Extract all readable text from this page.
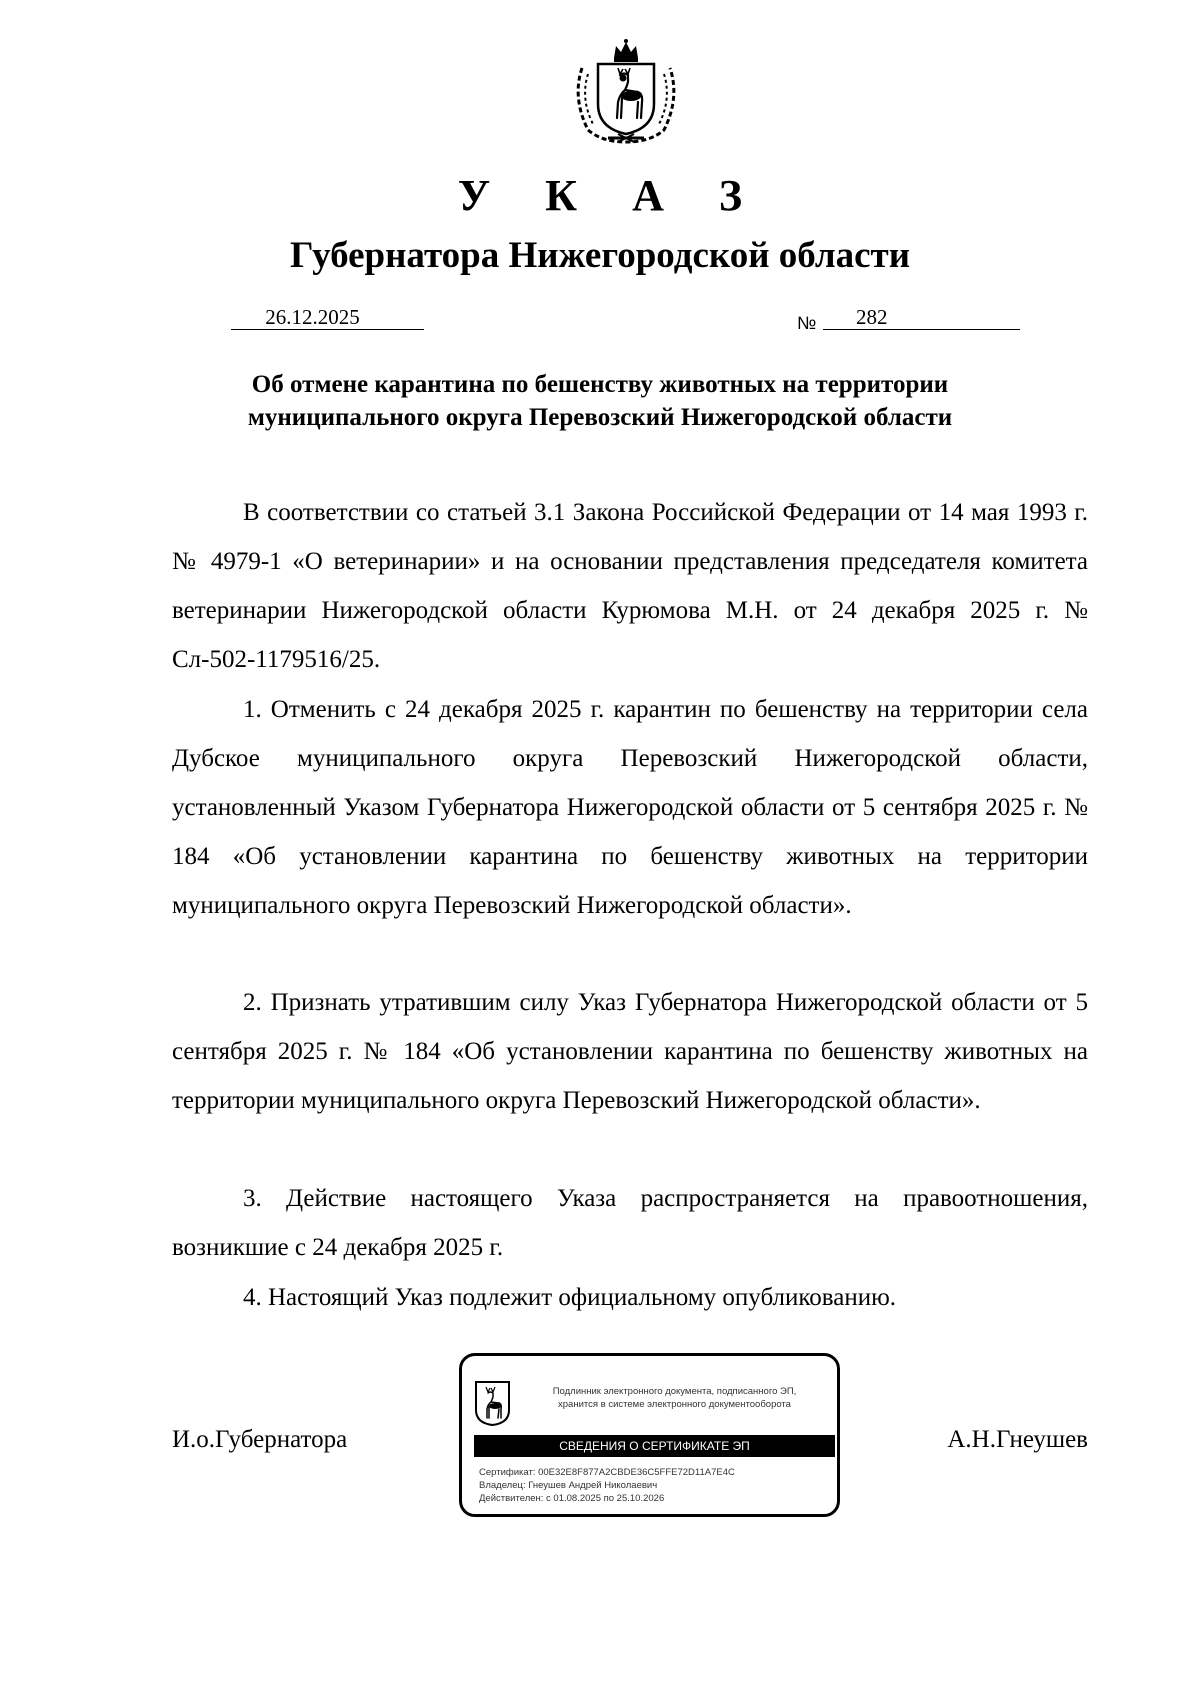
У К А З
Губернатора Нижегородской области
26.12.2025	№	282
Об отмене карантина по бешенству животных на территории
муниципального округа Перевозский Нижегородской области

В соответствии со статьей 3.1 Закона Российской Федерации от 14 мая 1993 г. № 4979-1 «О ветеринарии» и на основании представления председателя комитета ветеринарии Нижегородской области Курюмова М.Н. от 24 декабря 2025 г. № Сл-502-1179516/25.

1. Отменить с 24 декабря 2025 г. карантин по бешенству на территории села Дубское муниципального округа Перевозский Нижегородской области, установленный Указом Губернатора Нижегородской области от 5 сентября 2025 г. № 184 «Об установлении карантина по бешенству животных на территории муниципального округа Перевозский Нижегородской области».

2. Признать утратившим силу Указ Губернатора Нижегородской области от 5 сентября 2025 г. № 184 «Об установлении карантина по бешенству животных на территории муниципального округа Перевозский Нижегородской области».

3. Действие настоящего Указа распространяется на правоотношения, возникшие с 24 декабря 2025 г.

4. Настоящий Указ подлежит официальному опубликованию.

И.о.Губернатора	А.Н.Гнеушев
Подлинник электронного документа, подписанного ЭП,
хранится в системе электронного документооборота
СВЕДЕНИЯ О СЕРТИФИКАТЕ ЭП
Сертификат: 00E32E8F877A2CBDE36C5FFE72D11A7E4C
Владелец: Гнеушев Андрей Николаевич
Действителен: с 01.08.2025 по 25.10.2026
